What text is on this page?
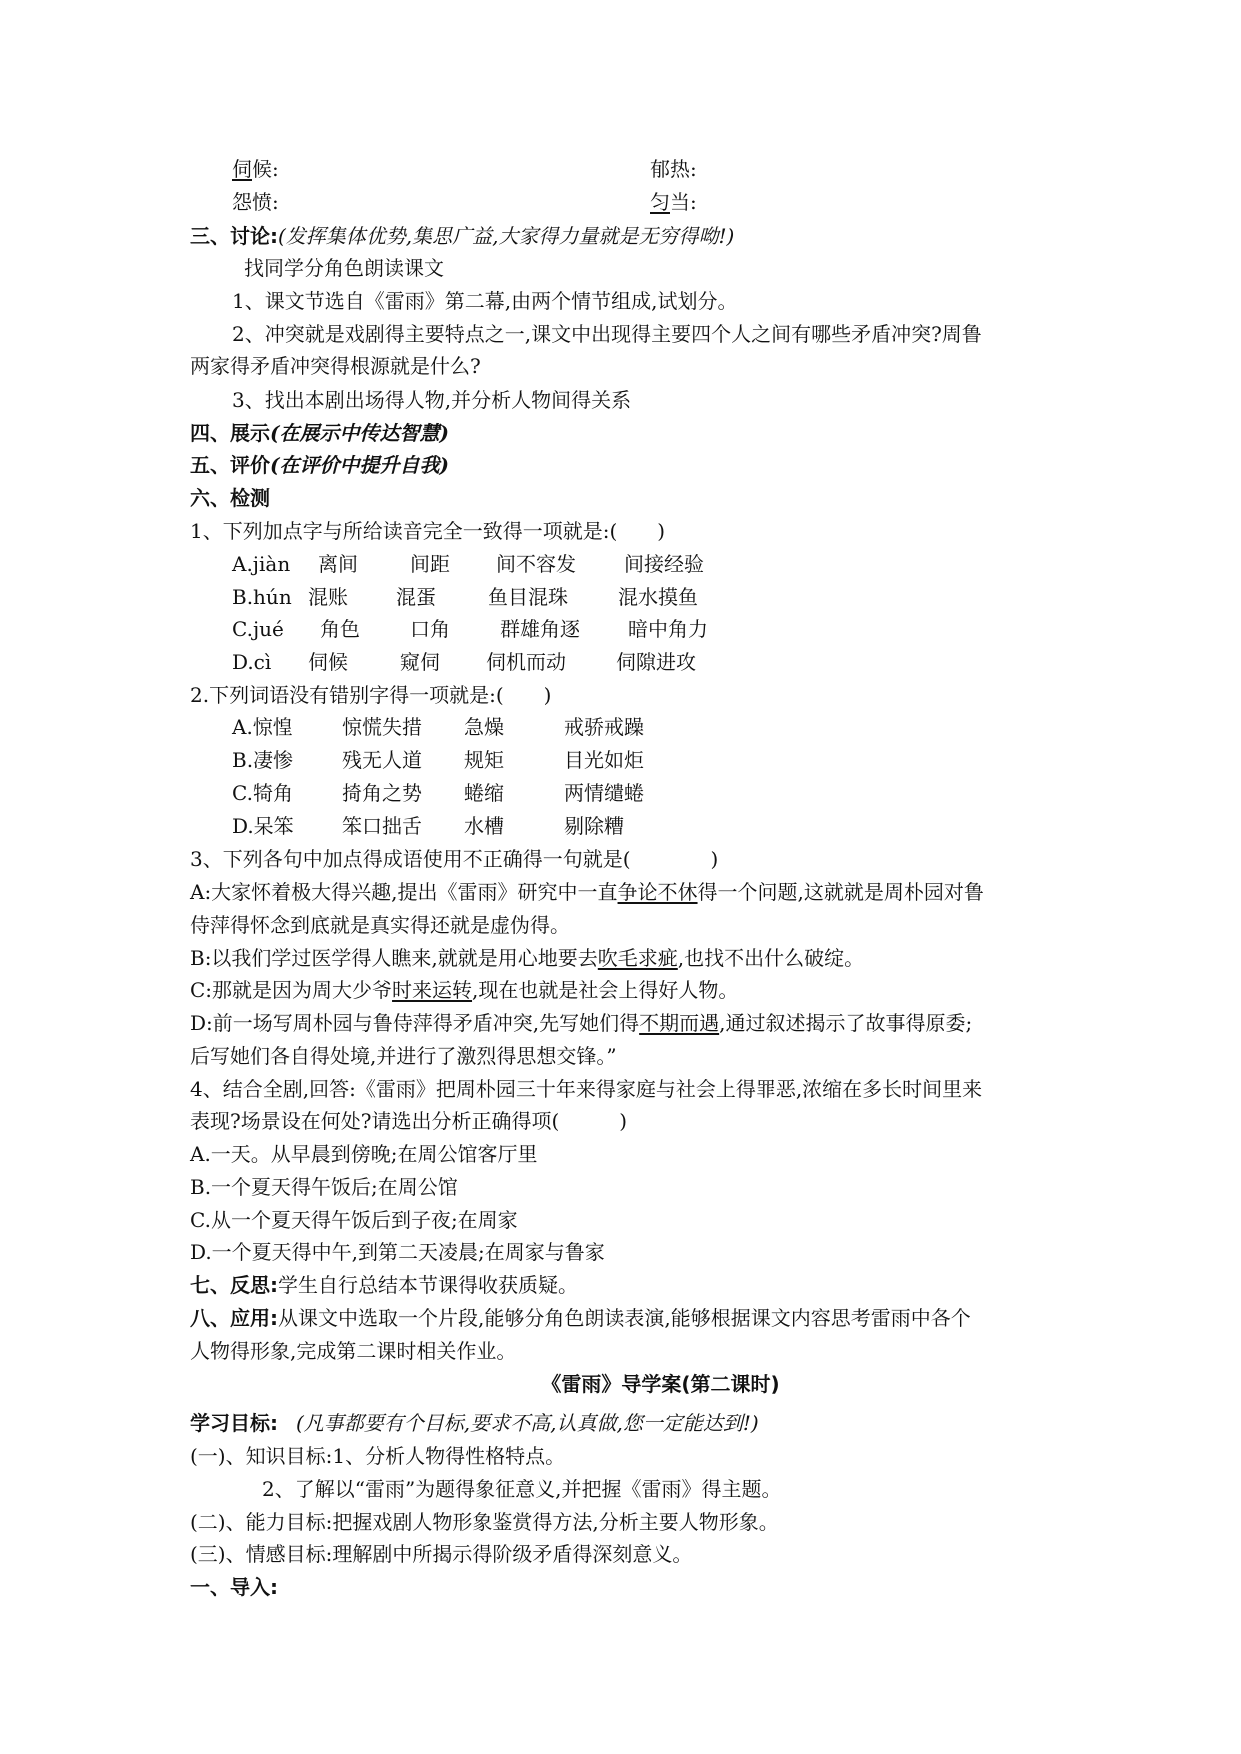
伺候:	郁热:
怨愤:	匀当:
三、讨论:(发挥集体优势,集思广益,大家得力量就是无穷得呦!)
找同学分角色朗读课文
1、课文节选自《雷雨》第二幕,由两个情节组成,试划分。
2、冲突就是戏剧得主要特点之一,课文中出现得主要四个人之间有哪些矛盾冲突?周鲁
两家得矛盾冲突得根源就是什么?
3、找出本剧出场得人物,并分析人物间得关系
四、展示(在展示中传达智慧)
五、评价(在评价中提升自我)
六、检测
1、下列加点字与所给读音完全一致得一项就是:(　　)
A.jiàn 离间	间距 间不容发 间接经验
B.hún 混账 混蛋	鱼目混珠	混水摸鱼
C.jué 角色	口角	群雄角逐 暗中角力
D.cì 伺候	窥伺 伺机而动	伺隙进攻
2.下列词语没有错别字得一项就是:(　　)
A.惊惶 惊慌失措 急燥	戒骄戒躁
B.凄惨 残无人道 规矩	目光如炬
C.犄角 掎角之势 蜷缩	两情缱蜷
D.呆笨 笨口拙舌 水槽	剔除糟
3、下列各句中加点得成语使用不正确得一句就是(　　　　)
A:大家怀着极大得兴趣,提出《雷雨》研究中一直争论不休得一个问题,这就就是周朴园对鲁
侍萍得怀念到底就是真实得还就是虚伪得。
B:以我们学过医学得人瞧来,就就是用心地要去吹毛求疵,也找不出什么破绽。
C:那就是因为周大少爷时来运转,现在也就是社会上得好人物。
D:前一场写周朴园与鲁侍萍得矛盾冲突,先写她们得不期而遇,通过叙述揭示了故事得原委;
后写她们各自得处境,并进行了激烈得思想交锋。”
4、结合全剧,回答:《雷雨》把周朴园三十年来得家庭与社会上得罪恶,浓缩在多长时间里来
表现?场景设在何处?请选出分析正确得项(　　　)
A.一天。从早晨到傍晚;在周公馆客厅里
B.一个夏天得午饭后;在周公馆
C.从一个夏天得午饭后到子夜;在周家
D.一个夏天得中午,到第二天凌晨;在周家与鲁家
七、反思:学生自行总结本节课得收获质疑。
八、应用:从课文中选取一个片段,能够分角色朗读表演,能够根据课文内容思考雷雨中各个
人物得形象,完成第二课时相关作业。
《雷雨》导学案(第二课时)
学习目标: (凡事都要有个目标,要求不高,认真做,您一定能达到!)
(一)、知识目标:1、分析人物得性格特点。
2、了解以“雷雨”为题得象征意义,并把握《雷雨》得主题。
(二)、能力目标:把握戏剧人物形象鉴赏得方法,分析主要人物形象。
(三)、情感目标:理解剧中所揭示得阶级矛盾得深刻意义。
一、导入:
